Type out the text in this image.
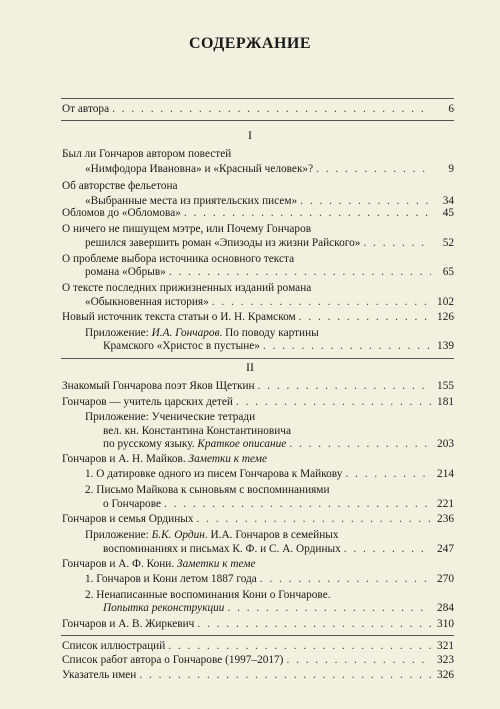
СОДЕРЖАНИЕ
От автора . . .	6
I
Был ли Гончаров автором повестей
«Нимфодора Ивановна» и «Красный человек»? . . .	9
Об авторстве фельетона
«Выбранные места из приятельских писем» . . .	34
Обломов до «Обломова» . . .	45
О ничего не пишущем мэтре, или Почему Гончаров
решился завершить роман «Эпизоды из жизни Райского» . . .	52
О проблеме выбора источника основного текста
романа «Обрыв» . . .	65
О тексте последних прижизненных изданий романа
«Обыкновенная история» . . .	102
Новый источник текста статьи о И. Н. Крамском . . .	126
Приложение: И.А. Гончаров. По поводу картины
Крамского «Христос в пустыне» . . .	139
II
Знакомый Гончарова поэт Яков Щеткин . . .	155
Гончаров — учитель царских детей . . .	181
Приложение: Ученические тетради
вел. кн. Константина Константиновича
по русскому языку. Краткое описание . . .	203
Гончаров и А. Н. Майков. Заметки к теме
1. О датировке одного из писем Гончарова к Майкову . . .	214
2. Письмо Майкова к сыновьям с воспоминаниями
о Гончарове . . .	221
Гончаров и семья Ординых . . .	236
Приложение: Б.К. Ордин. И.А. Гончаров в семейных
воспоминаниях и письмах К. Ф. и С. А. Ординых . . .	247
Гончаров и А. Ф. Кони. Заметки к теме
1. Гончаров и Кони летом 1887 года . . .	270
2. Ненаписанные воспоминания Кони о Гончарове.
Попытка реконструкции . . .	284
Гончаров и А. В. Жиркевич . . .	310
Список иллюстраций . . .	321
Список работ автора о Гончарове (1997–2017) . . .	323
Указатель имен . . .	326
